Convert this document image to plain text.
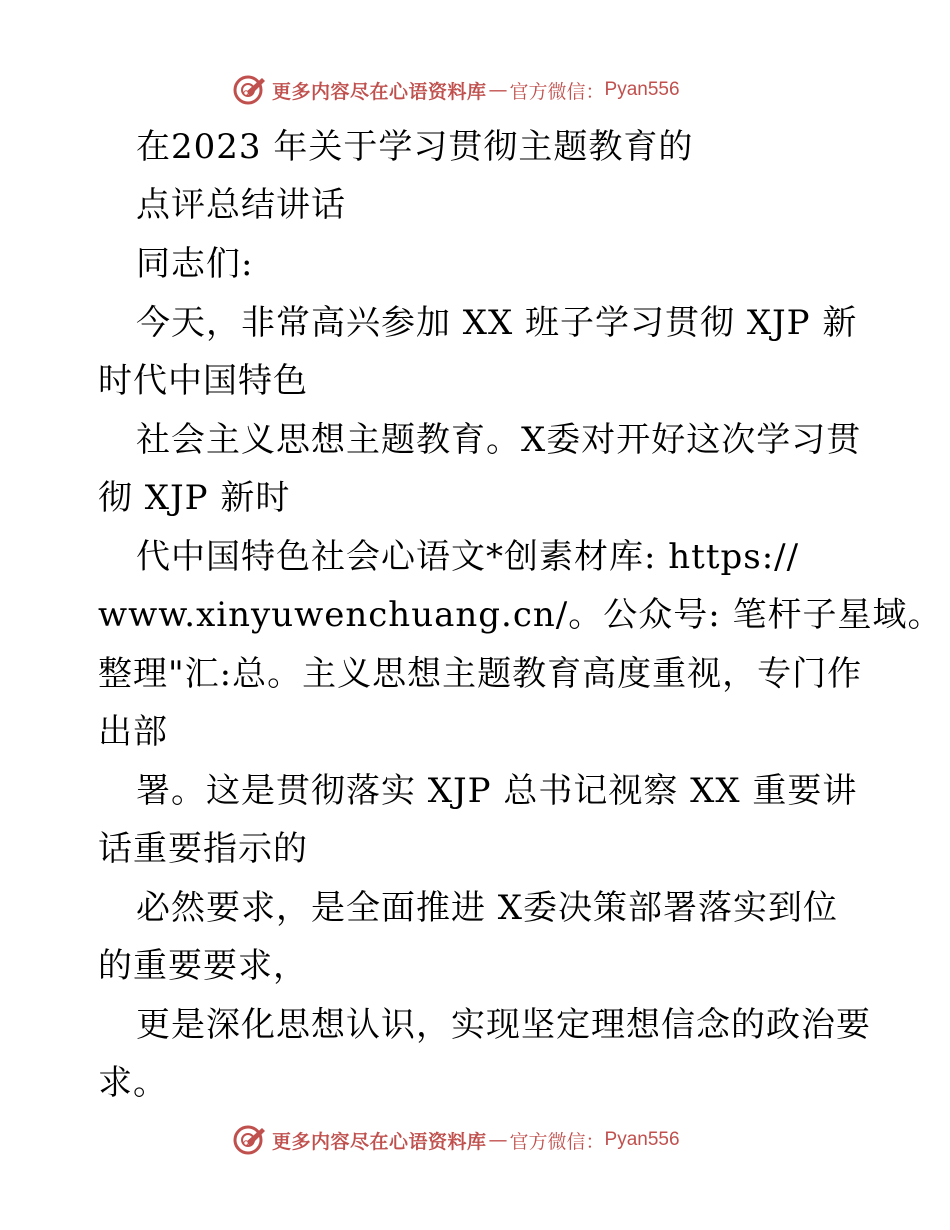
更多内容尽在心语资料库 — 官方微信： Pyan556
在2023 年关于学习贯彻主题教育的
点评总结讲话
同志们:
今天，非常高兴参加 XX 班子学习贯彻 XJP 新
时代中国特色
社会主义思想主题教育。X委对开好这次学习贯
彻 XJP 新时
代中国特色社会心语文*创素材库: https://
www.xinyuwenchuang.cn/。公众号: 笔杆子星域。
整理"汇:总。主义思想主题教育高度重视，专门作
出部
署。这是贯彻落实 XJP 总书记视察 XX 重要讲
话重要指示的
必然要求，是全面推进 X委决策部署落实到位
的重要要求，
更是深化思想认识，实现坚定理想信念的政治要
求。
更多内容尽在心语资料库 — 官方微信： Pyan556
